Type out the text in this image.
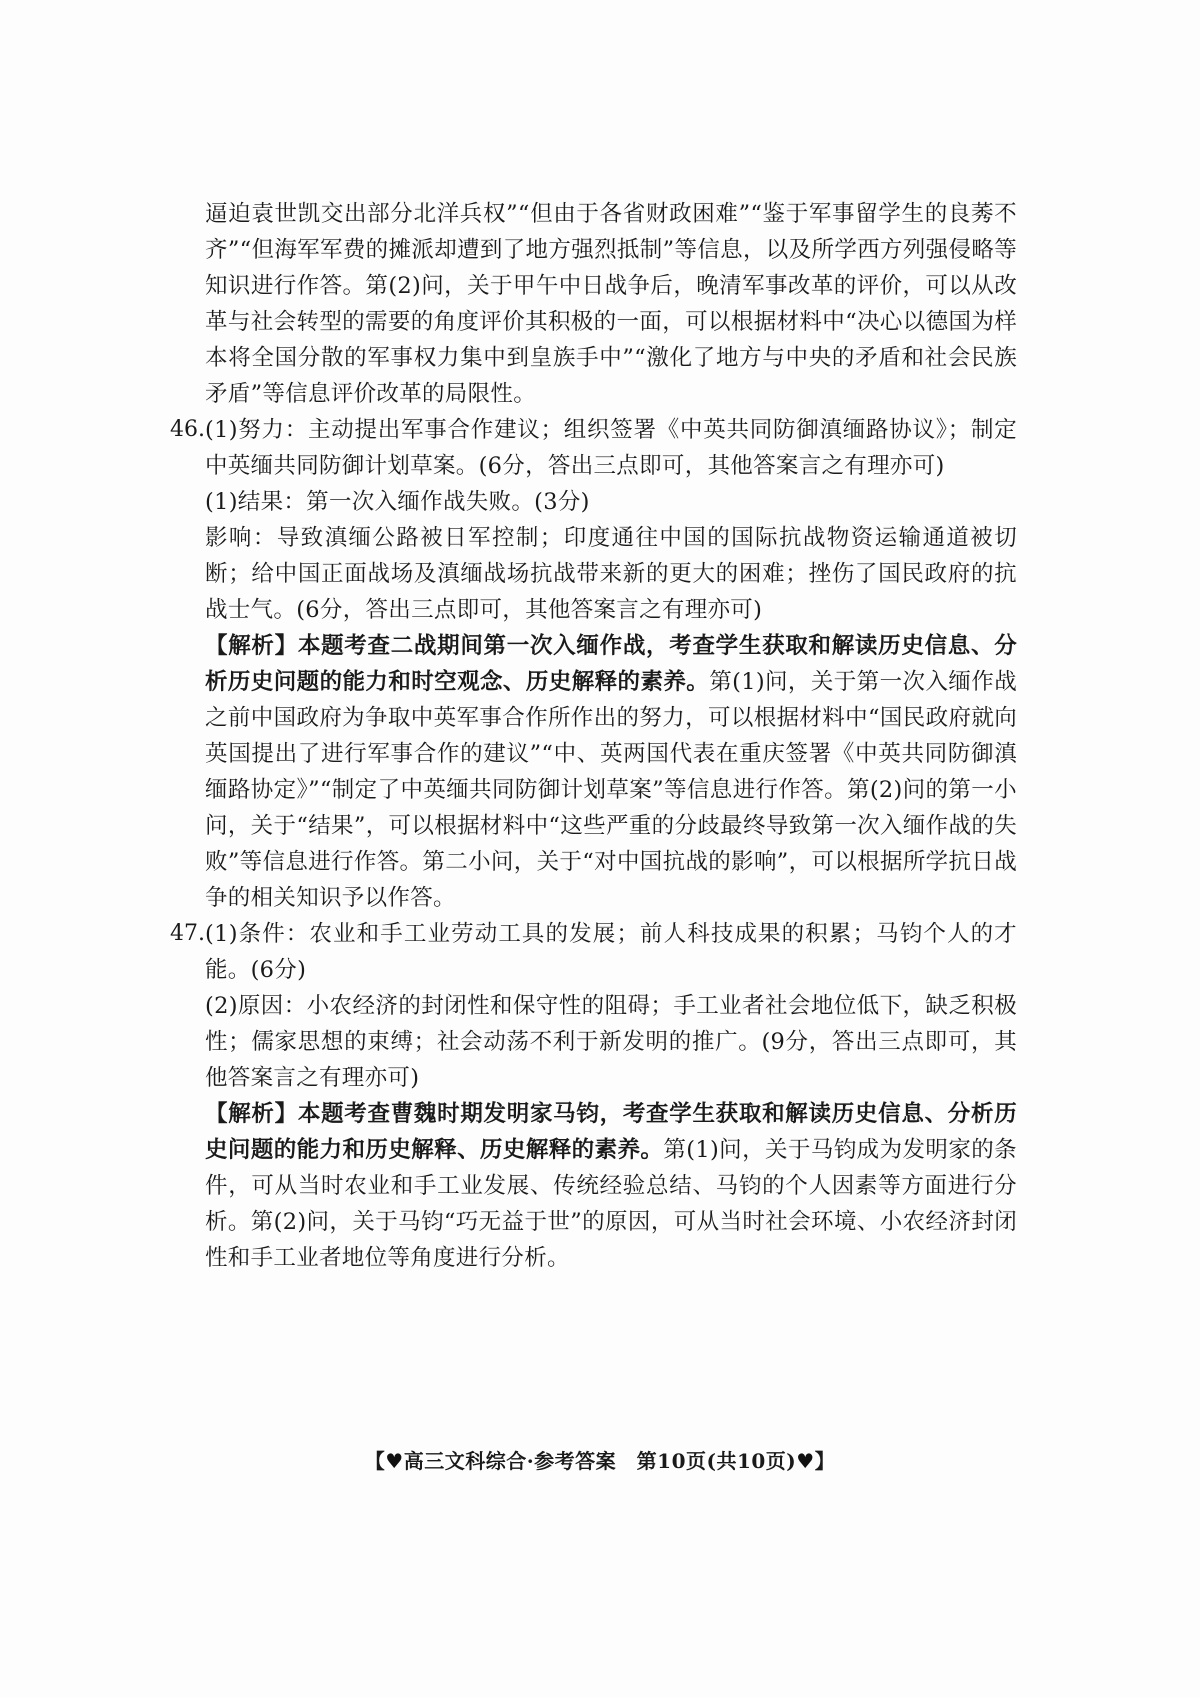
逼迫袁世凯交出部分北洋兵权”“但由于各省财政困难”“鉴于军事留学生的良莠不齐”“但海军军费的摊派却遭到了地方强烈抵制”等信息，以及所学西方列强侵略等知识进行作答。第(2)问，关于甲午中日战争后，晚清军事改革的评价，可以从改革与社会转型的需要的角度评价其积极的一面，可以根据材料中“决心以德国为样本将全国分散的军事权力集中到皇族手中”“激化了地方与中央的矛盾和社会民族矛盾”等信息评价改革的局限性。

46. (1)努力：主动提出军事合作建议；组织签署《中英共同防御滇缅路协议》；制定中英缅共同防御计划草案。(6分，答出三点即可，其他答案言之有理亦可)

(1)结果：第一次入缅作战失败。(3分)

影响：导致滇缅公路被日军控制；印度通往中国的国际抗战物资运输通道被切断；给中国正面战场及滇缅战场抗战带来新的更大的困难；挫伤了国民政府的抗战士气。(6分，答出三点即可，其他答案言之有理亦可)

【解析】本题考查二战期间第一次入缅作战，考查学生获取和解读历史信息、分析历史问题的能力和时空观念、历史解释的素养。第(1)问，关于第一次入缅作战之前中国政府为争取中英军事合作所作出的努力，可以根据材料中“国民政府就向英国提出了进行军事合作的建议”“中、英两国代表在重庆签署《中英共同防御滇缅路协定》”“制定了中英缅共同防御计划草案”等信息进行作答。第(2)问的第一小问，关于“结果”，可以根据材料中“这些严重的分歧最终导致第一次入缅作战的失败”等信息进行作答。第二小问，关于“对中国抗战的影响”，可以根据所学抗日战争的相关知识予以作答。

47. (1)条件：农业和手工业劳动工具的发展；前人科技成果的积累；马钧个人的才能。(6分)

(2)原因：小农经济的封闭性和保守性的阻碍；手工业者社会地位低下，缺乏积极性；儒家思想的束缚；社会动荡不利于新发明的推广。(9分，答出三点即可，其他答案言之有理亦可)

【解析】本题考查曹魏时期发明家马钧，考查学生获取和解读历史信息、分析历史问题的能力和历史解释、历史解释的素养。第(1)问，关于马钧成为发明家的条件，可从当时农业和手工业发展、传统经验总结、马钧的个人因素等方面进行分析。第(2)问，关于马钧“巧无益于世”的原因，可从当时社会环境、小农经济封闭性和手工业者地位等角度进行分析。

【♥高三文科综合·参考答案　第10页(共10页)♥】
